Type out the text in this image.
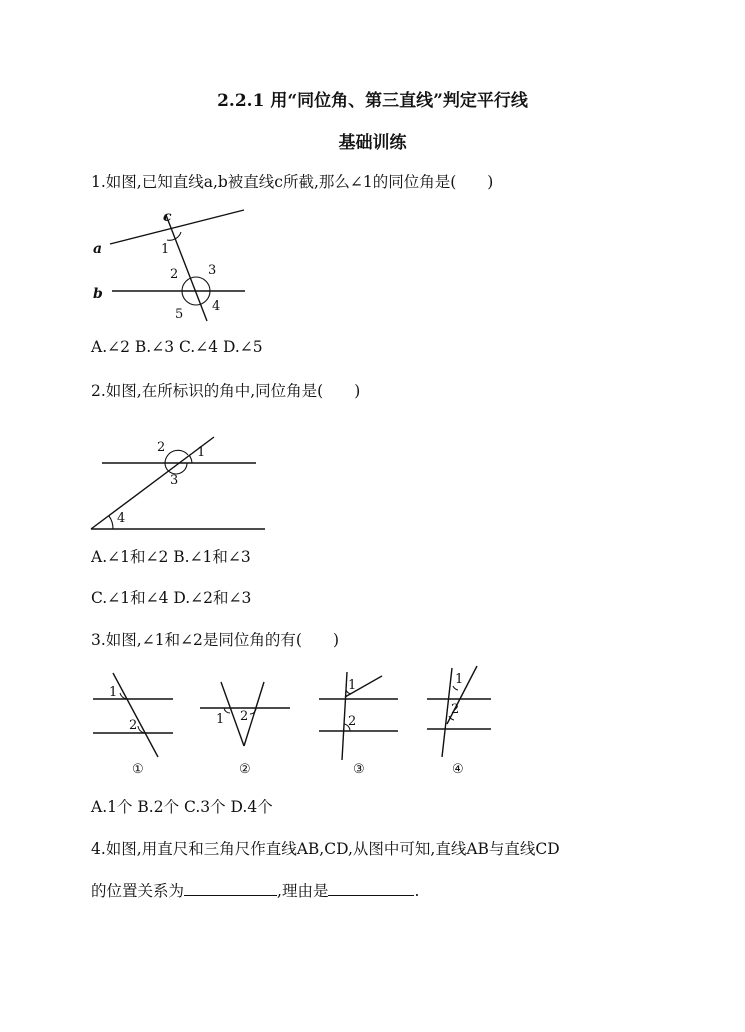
2.2.1 用“同位角、第三直线”判定平行线
基础训练
1.如图,已知直线a,b被直线c所截,那么∠1的同位角是(　　)
a
b
c
1
2 3
4
5
A.∠2 B.∠3 C.∠4 D.∠5
2.如图,在所标识的角中,同位角是(　　)
1
2
3
4
A.∠1和∠2 B.∠1和∠3
C.∠1和∠4 D.∠2和∠3
3.如图,∠1和∠2是同位角的有(　　)
1
2
①
1 2
②
1
2
③
1
2
④
A.1个 B.2个 C.3个 D.4个
4.如图,用直尺和三角尺作直线AB,CD,从图中可知,直线AB与直线CD
的位置关系为	,理由是	.
